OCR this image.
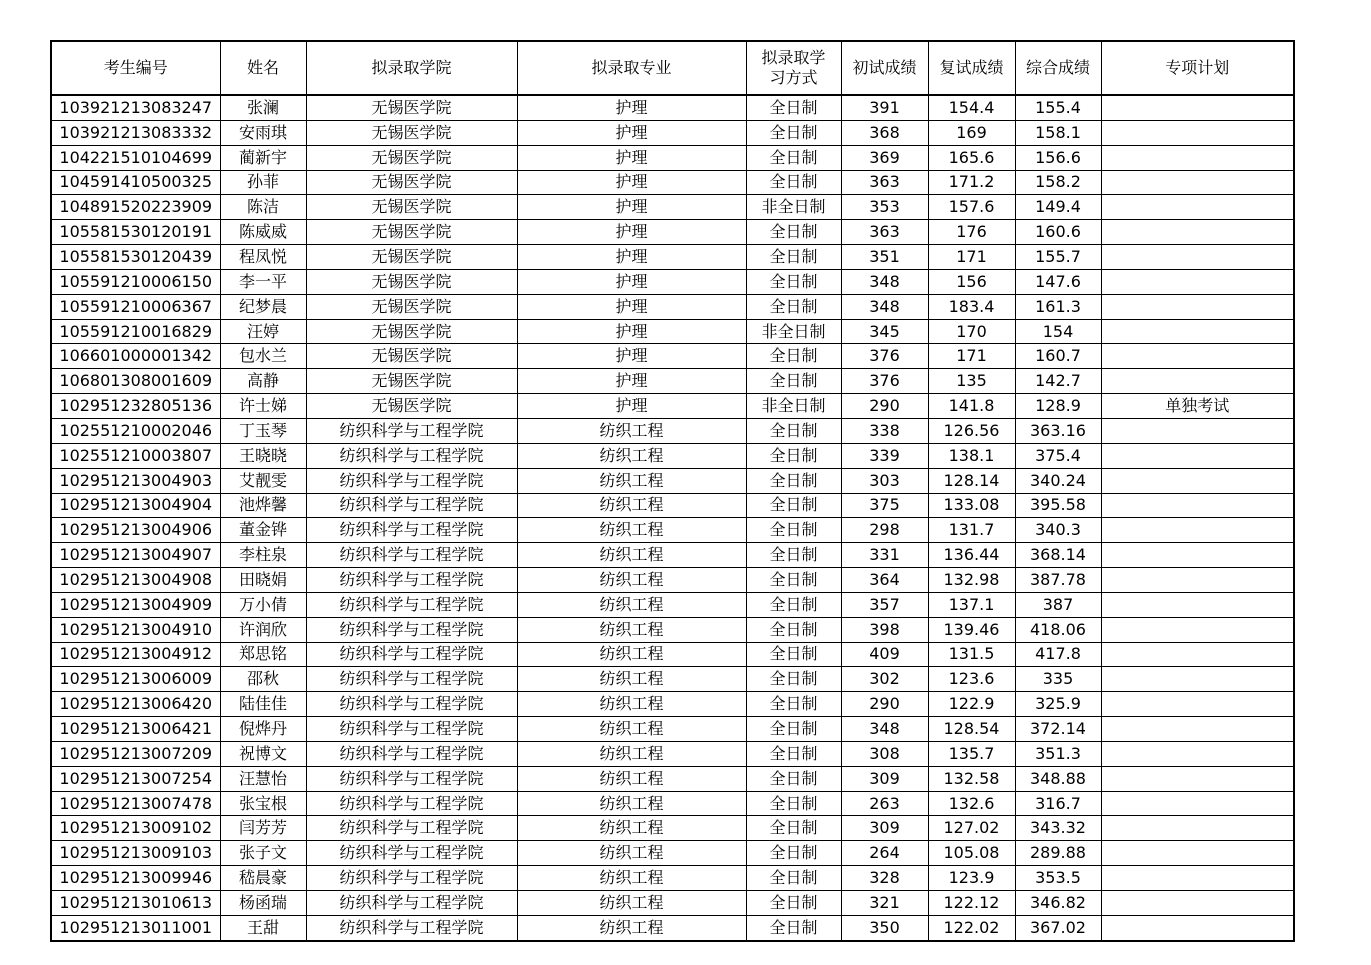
考生编号	姓名	拟录取学院	拟录取专业	拟录取学习方式	初试成绩	复试成绩	综合成绩	专项计划
103921213083247	张澜	无锡医学院	护理	全日制	391	154.4	155.4	
103921213083332	安雨琪	无锡医学院	护理	全日制	368	169	158.1	
104221510104699	蔺新宇	无锡医学院	护理	全日制	369	165.6	156.6	
104591410500325	孙菲	无锡医学院	护理	全日制	363	171.2	158.2	
104891520223909	陈洁	无锡医学院	护理	非全日制	353	157.6	149.4	
105581530120191	陈威威	无锡医学院	护理	全日制	363	176	160.6	
105581530120439	程凤悦	无锡医学院	护理	全日制	351	171	155.7	
105591210006150	李一平	无锡医学院	护理	全日制	348	156	147.6	
105591210006367	纪梦晨	无锡医学院	护理	全日制	348	183.4	161.3	
105591210016829	汪婷	无锡医学院	护理	非全日制	345	170	154	
106601000001342	包水兰	无锡医学院	护理	全日制	376	171	160.7	
106801308001609	高静	无锡医学院	护理	全日制	376	135	142.7	
102951232805136	许士娣	无锡医学院	护理	非全日制	290	141.8	128.9	单独考试
102551210002046	丁玉琴	纺织科学与工程学院	纺织工程	全日制	338	126.56	363.16	
102551210003807	王晓晓	纺织科学与工程学院	纺织工程	全日制	339	138.1	375.4	
102951213004903	艾靓雯	纺织科学与工程学院	纺织工程	全日制	303	128.14	340.24	
102951213004904	池烨馨	纺织科学与工程学院	纺织工程	全日制	375	133.08	395.58	
102951213004906	董金铧	纺织科学与工程学院	纺织工程	全日制	298	131.7	340.3	
102951213004907	李柱泉	纺织科学与工程学院	纺织工程	全日制	331	136.44	368.14	
102951213004908	田晓娟	纺织科学与工程学院	纺织工程	全日制	364	132.98	387.78	
102951213004909	万小倩	纺织科学与工程学院	纺织工程	全日制	357	137.1	387	
102951213004910	许润欣	纺织科学与工程学院	纺织工程	全日制	398	139.46	418.06	
102951213004912	郑思铭	纺织科学与工程学院	纺织工程	全日制	409	131.5	417.8	
102951213006009	邵秋	纺织科学与工程学院	纺织工程	全日制	302	123.6	335	
102951213006420	陆佳佳	纺织科学与工程学院	纺织工程	全日制	290	122.9	325.9	
102951213006421	倪烨丹	纺织科学与工程学院	纺织工程	全日制	348	128.54	372.14	
102951213007209	祝博文	纺织科学与工程学院	纺织工程	全日制	308	135.7	351.3	
102951213007254	汪慧怡	纺织科学与工程学院	纺织工程	全日制	309	132.58	348.88	
102951213007478	张宝根	纺织科学与工程学院	纺织工程	全日制	263	132.6	316.7	
102951213009102	闫芳芳	纺织科学与工程学院	纺织工程	全日制	309	127.02	343.32	
102951213009103	张子文	纺织科学与工程学院	纺织工程	全日制	264	105.08	289.88	
102951213009946	嵇晨豪	纺织科学与工程学院	纺织工程	全日制	328	123.9	353.5	
102951213010613	杨函瑞	纺织科学与工程学院	纺织工程	全日制	321	122.12	346.82	
102951213011001	王甜	纺织科学与工程学院	纺织工程	全日制	350	122.02	367.02	
